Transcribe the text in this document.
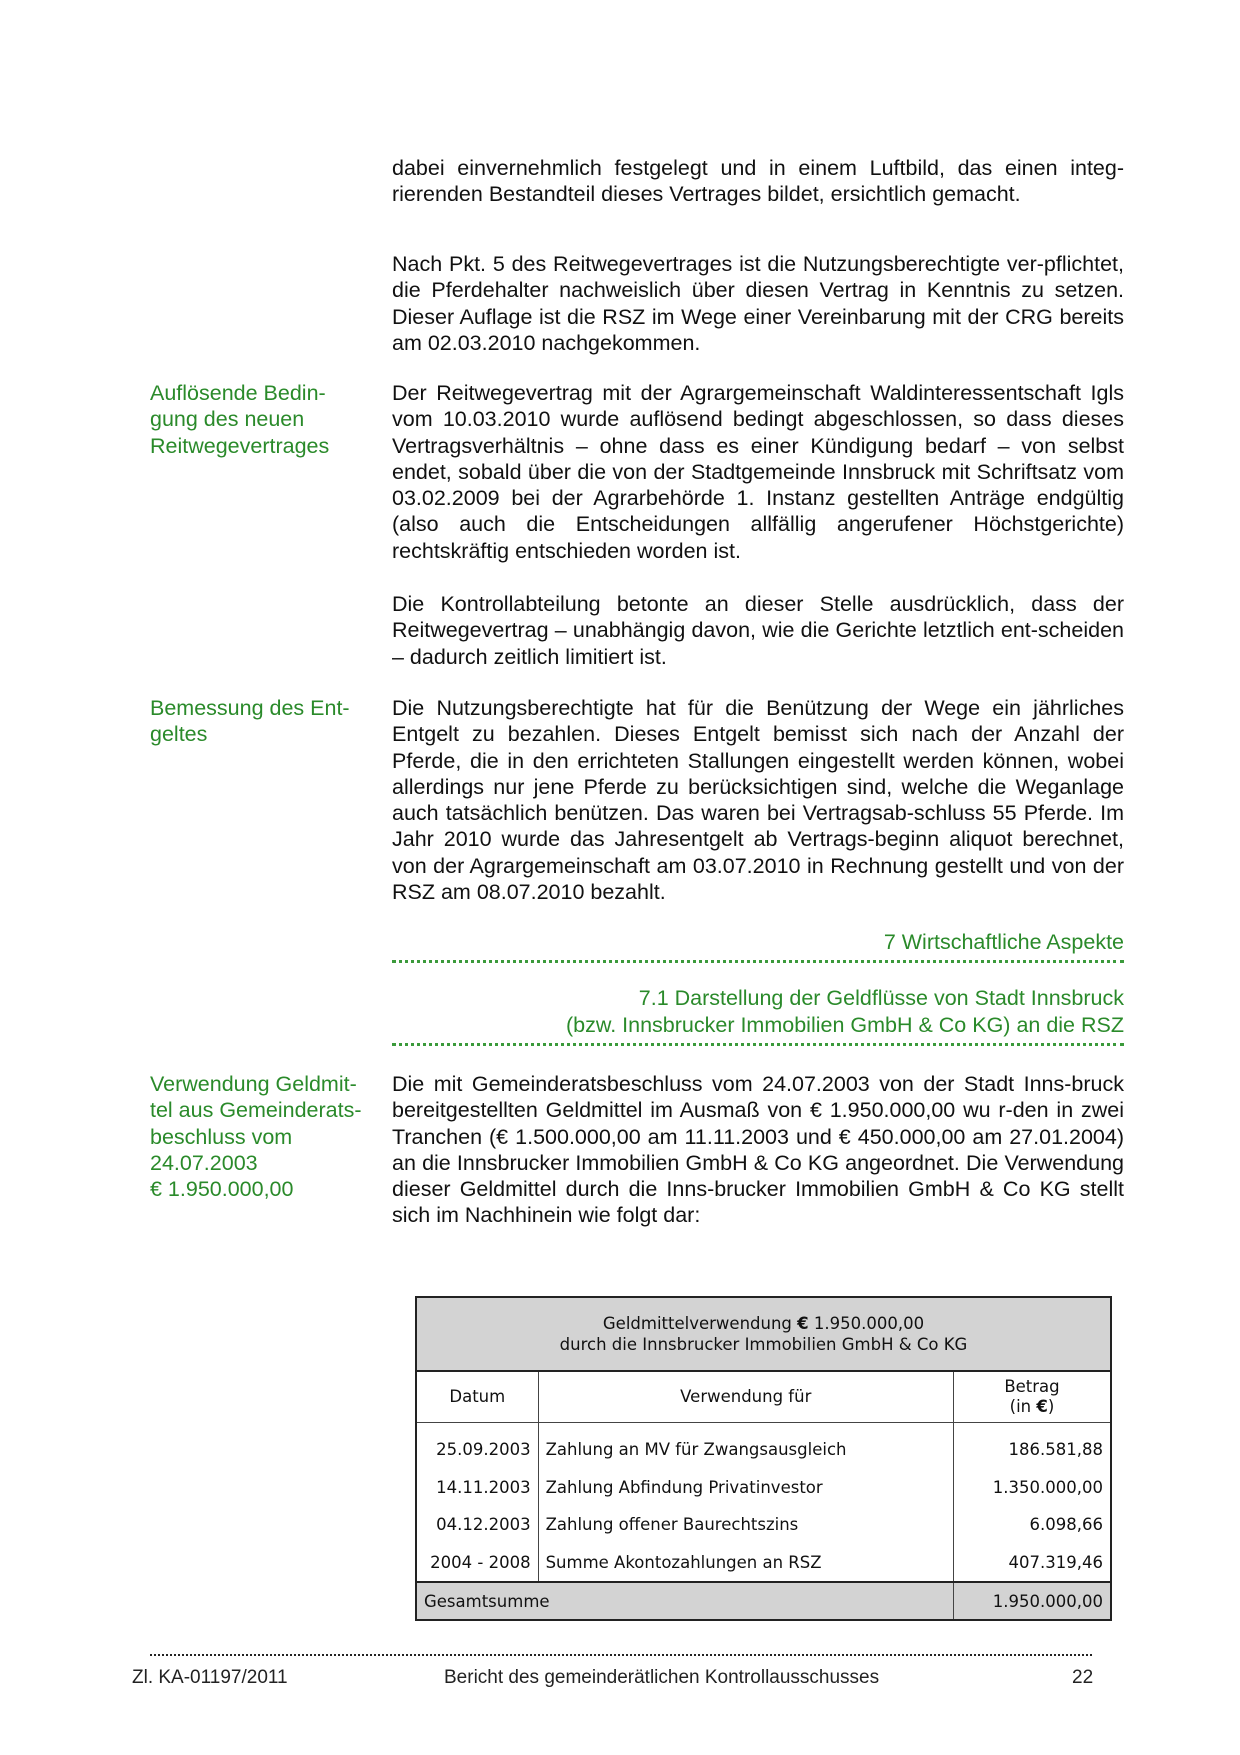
dabei einvernehmlich festgelegt und in einem Luftbild, das einen integ-rierenden Bestandteil dieses Vertrages bildet, ersichtlich gemacht.

Nach Pkt. 5 des Reitwegevertrages ist die Nutzungsberechtigte ver-pflichtet, die Pferdehalter nachweislich über diesen Vertrag in Kenntnis zu setzen. Dieser Auflage ist die RSZ im Wege einer Vereinbarung mit der CRG bereits am 02.03.2010 nachgekommen.

Auflösende Bedin-
gung des neuen
Reitwegevertrages

Der Reitwegevertrag mit der Agrargemeinschaft Waldinteressentschaft Igls vom 10.03.2010 wurde auflösend bedingt abgeschlossen, so dass dieses Vertragsverhältnis – ohne dass es einer Kündigung bedarf – von selbst endet, sobald über die von der Stadtgemeinde Innsbruck mit Schriftsatz vom 03.02.2009 bei der Agrarbehörde 1. Instanz gestellten Anträge endgültig (also auch die Entscheidungen allfällig angerufener Höchstgerichte) rechtskräftig entschieden worden ist.

Die Kontrollabteilung betonte an dieser Stelle ausdrücklich, dass der Reitwegevertrag – unabhängig davon, wie die Gerichte letztlich ent-scheiden – dadurch zeitlich limitiert ist.

Bemessung des Ent-
geltes

Die Nutzungsberechtigte hat für die Benützung der Wege ein jährliches Entgelt zu bezahlen. Dieses Entgelt bemisst sich nach der Anzahl der Pferde, die in den errichteten Stallungen eingestellt werden können, wobei allerdings nur jene Pferde zu berücksichtigen sind, welche die Weganlage auch tatsächlich benützen. Das waren bei Vertragsab-schluss 55 Pferde. Im Jahr 2010 wurde das Jahresentgelt ab Vertrags-beginn aliquot berechnet, von der Agrargemeinschaft am 03.07.2010 in Rechnung gestellt und von der RSZ am 08.07.2010 bezahlt.

7 Wirtschaftliche Aspekte
7.1 Darstellung der Geldflüsse von Stadt Innsbruck
(bzw. Innsbrucker Immobilien GmbH & Co KG) an die RSZ
Verwendung Geldmit-
tel aus Gemeinderats-
beschluss vom
24.07.2003
€ 1.950.000,00

Die mit Gemeinderatsbeschluss vom 24.07.2003 von der Stadt Inns-bruck bereitgestellten Geldmittel im Ausmaß von € 1.950.000,00 wu r-den in zwei Tranchen (€ 1.500.000,00 am 11.11.2003 und € 450.000,00 am 27.01.2004) an die Innsbrucker Immobilien GmbH & Co KG angeordnet. Die Verwendung dieser Geldmittel durch die Inns-brucker Immobilien GmbH & Co KG stellt sich im Nachhinein wie folgt dar:

Geldmittelverwendung € 1.950.000,00
durch die Innsbrucker Immobilien GmbH & Co KG		
Datum	Verwendung für	Betrag
(in €)
25.09.2003	Zahlung an MV für Zwangsausgleich	186.581,88
14.11.2003	Zahlung Abfindung Privatinvestor	1.350.000,00
04.12.2003	Zahlung offener Baurechtszins	6.098,66
2004 - 2008	Summe Akontozahlungen an RSZ	407.319,46
Gesamtsumme		1.950.000,00
Zl. KA-01197/2011	Bericht des gemeinderätlichen Kontrollausschusses	22
